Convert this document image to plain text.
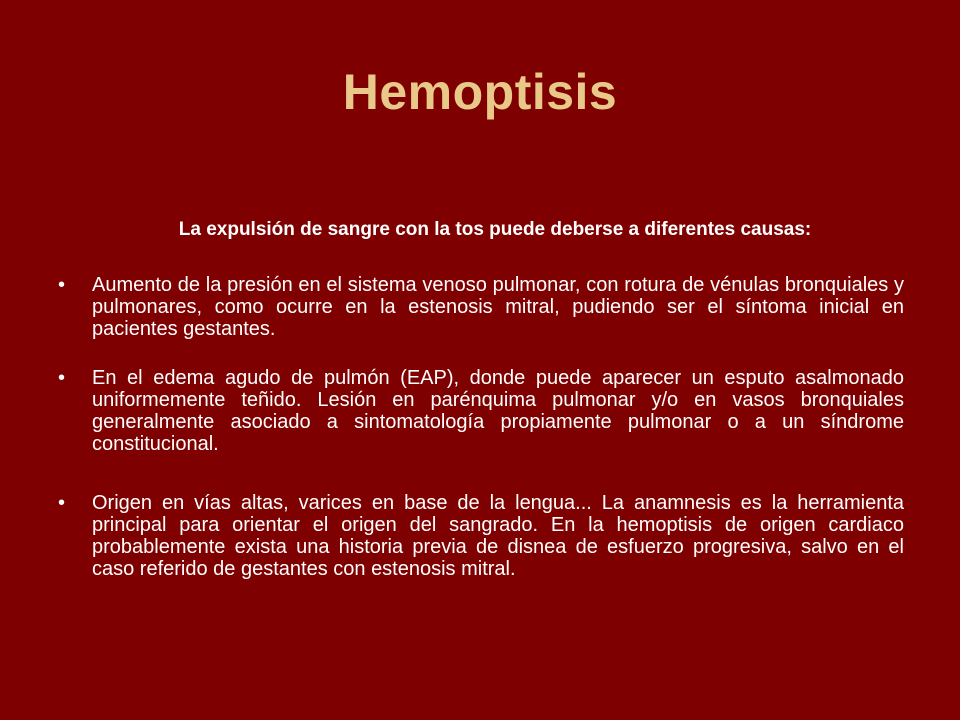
Hemoptisis
La expulsión de sangre con la tos puede deberse a diferentes causas:
•	Aumento de la presión en el sistema venoso pulmonar, con rotura de vénulas bronquiales y pulmonares, como ocurre en la estenosis mitral, pudiendo ser el síntoma inicial en pacientes gestantes.
•	En el edema agudo de pulmón (EAP), donde puede aparecer un esputo asalmonado uniformemente teñido. Lesión en parénquima pulmonar y/o en vasos bronquiales generalmente asociado a sintomatología propiamente pulmonar o a un síndrome constitucional.
•	Origen en vías altas, varices en base de la lengua... La anamnesis es la herramienta principal para orientar el origen del sangrado. En la hemoptisis de origen cardiaco probablemente exista una historia previa de disnea de esfuerzo progresiva, salvo en el caso referido de gestantes con estenosis mitral.
